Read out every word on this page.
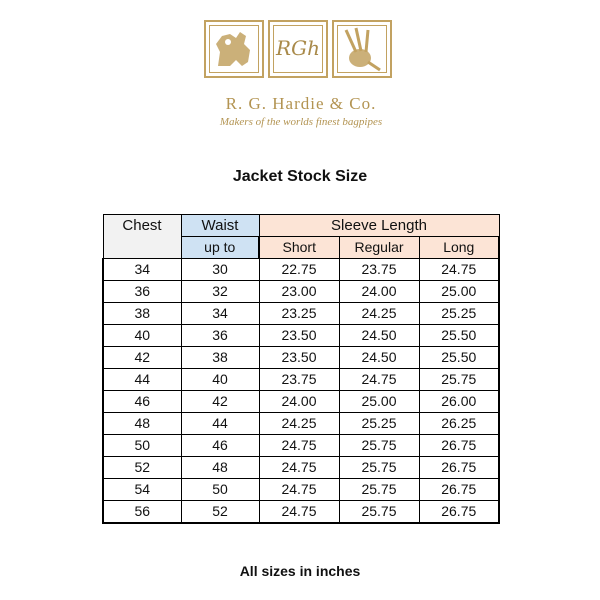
RGh
R. G. Hardie & Co.
Makers of the worlds finest bagpipes
Jacket Stock Size
Chest	Waist	Sleeve Length		
	up to	Short	Regular	Long
34	30	22.75	23.75	24.75
36	32	23.00	24.00	25.00
38	34	23.25	24.25	25.25
40	36	23.50	24.50	25.50
42	38	23.50	24.50	25.50
44	40	23.75	24.75	25.75
46	42	24.00	25.00	26.00
48	44	24.25	25.25	26.25
50	46	24.75	25.75	26.75
52	48	24.75	25.75	26.75
54	50	24.75	25.75	26.75
56	52	24.75	25.75	26.75
All sizes in inches
